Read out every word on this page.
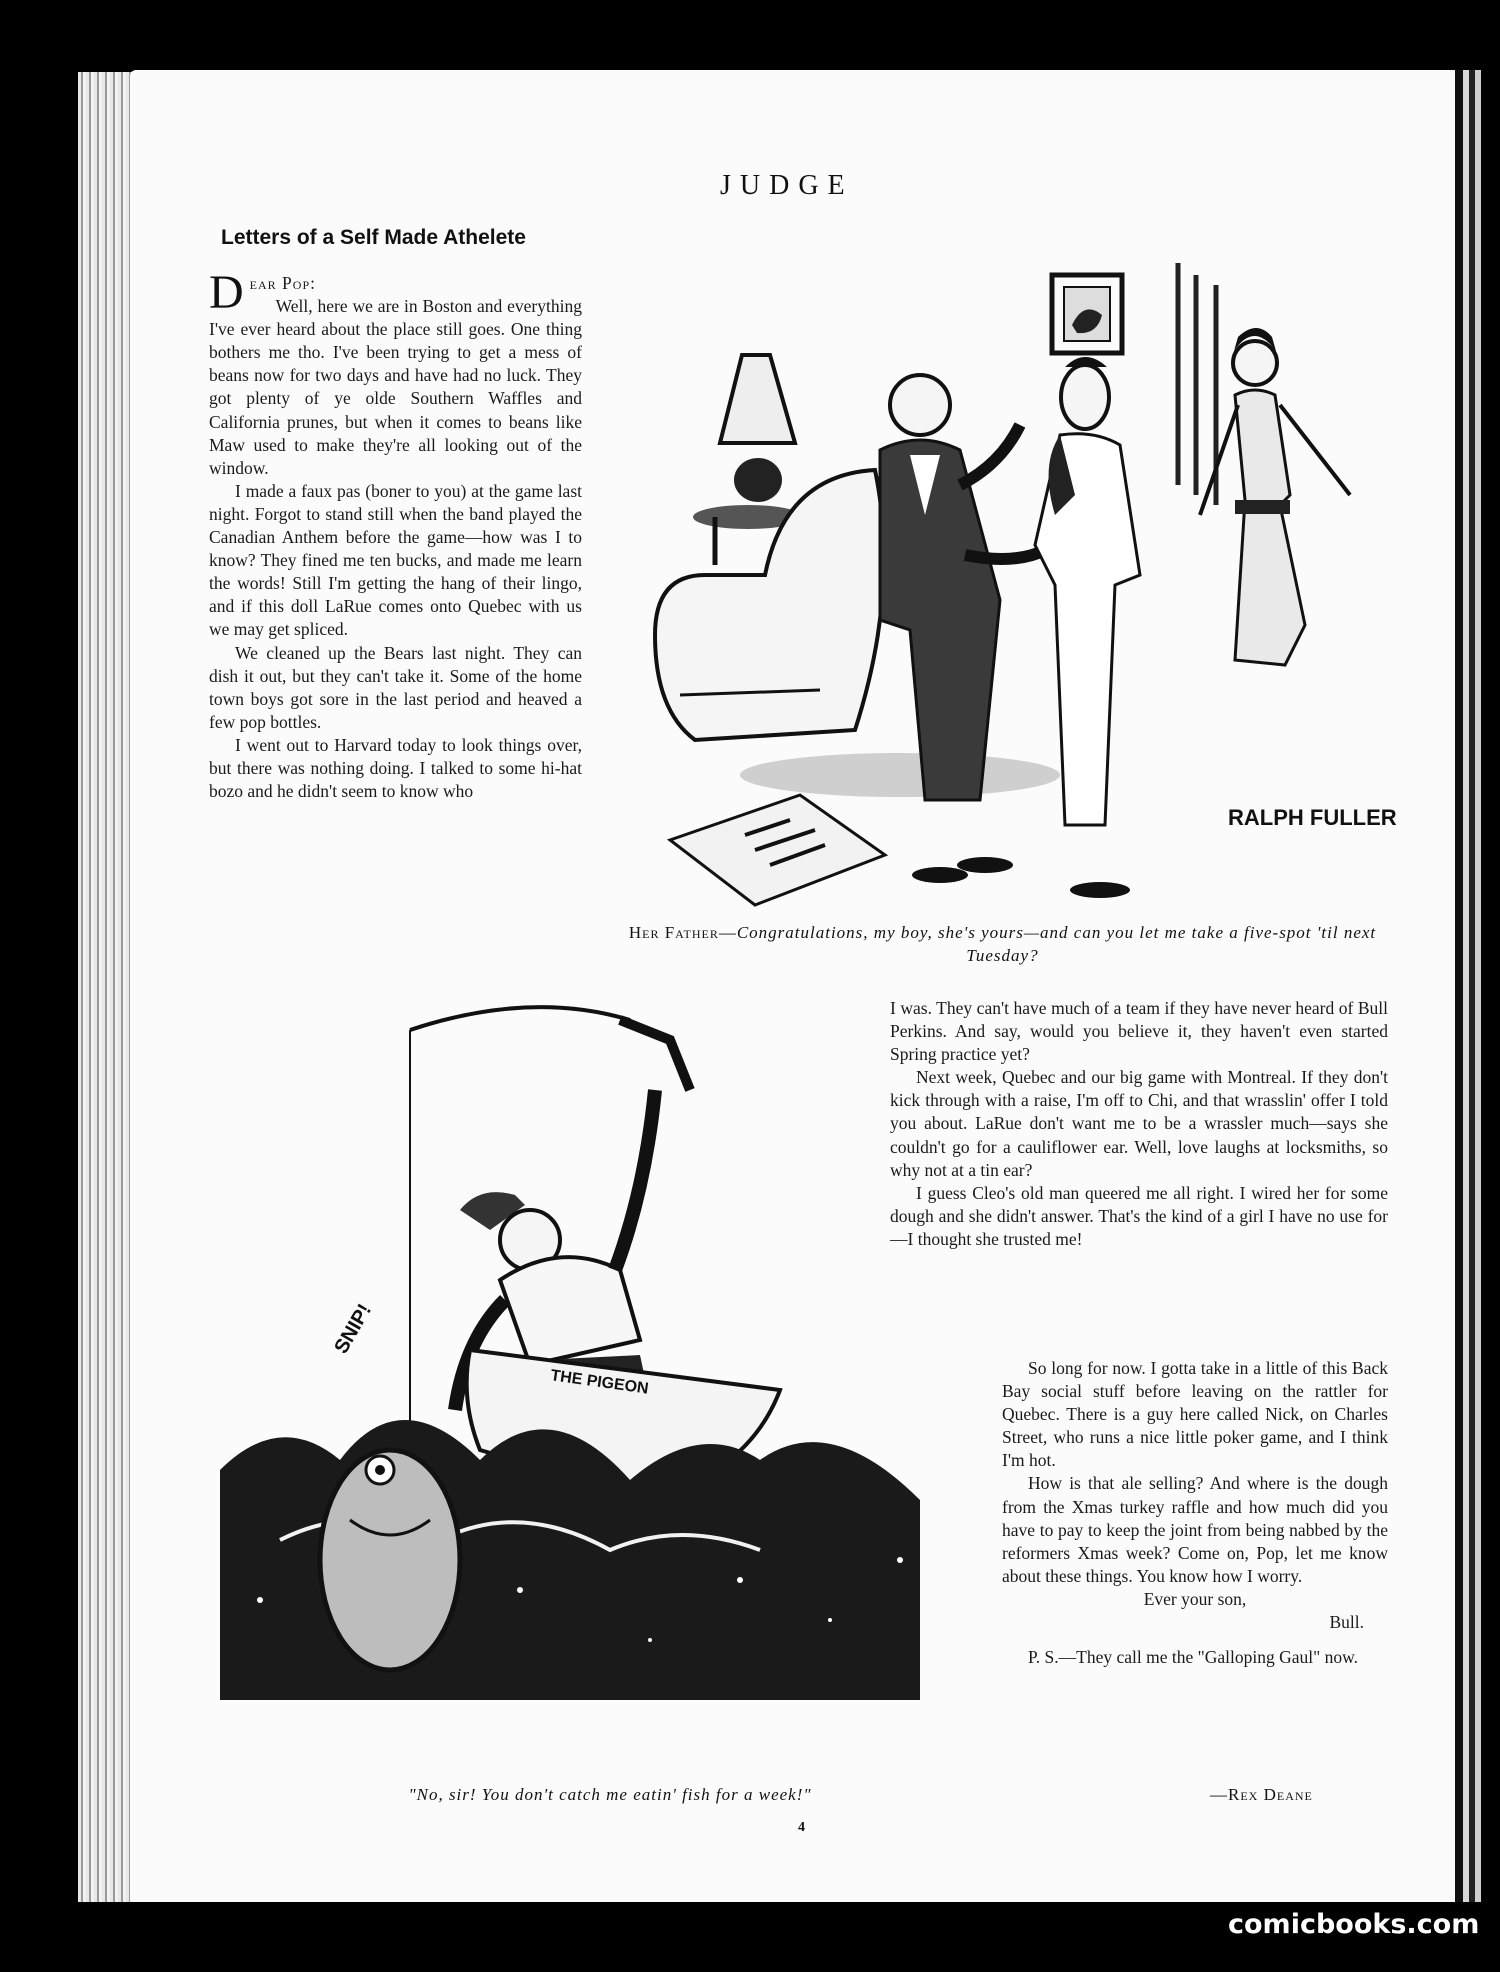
JUDGE
Letters of a Self Made Athelete

Dear Pop:

Well, here we are in Boston and everything I've ever heard about the place still goes. One thing bothers me tho. I've been trying to get a mess of beans now for two days and have had no luck. They got plenty of ye olde Southern Waffles and California prunes, but when it comes to beans like Maw used to make they're all looking out of the window.

I made a faux pas (boner to you) at the game last night. Forgot to stand still when the band played the Canadian Anthem before the game—how was I to know? They fined me ten bucks, and made me learn the words! Still I'm getting the hang of their lingo, and if this doll LaRue comes onto Quebec with us we may get spliced.

We cleaned up the Bears last night. They can dish it out, but they can't take it. Some of the home town boys got sore in the last period and heaved a few pop bottles.

I went out to Harvard today to look things over, but there was nothing doing. I talked to some hi-hat bozo and he didn't seem to know who

RALPH FULLER
Her Father—Congratulations, my boy, she's yours—and can you let me take a five-spot 'til next Tuesday?
SNIP!
THE PIGEON

I was. They can't have much of a team if they have never heard of Bull Perkins. And say, would you believe it, they haven't even started Spring practice yet?

Next week, Quebec and our big game with Montreal. If they don't kick through with a raise, I'm off to Chi, and that wrasslin' offer I told you about. LaRue don't want me to be a wrassler much—says she couldn't go for a cauliflower ear. Well, love laughs at locksmiths, so why not at a tin ear?

I guess Cleo's old man queered me all right. I wired her for some dough and she didn't answer. That's the kind of a girl I have no use for—I thought she trusted me!

So long for now. I gotta take in a little of this Back Bay social stuff before leaving on the rattler for Quebec. There is a guy here called Nick, on Charles Street, who runs a nice little poker game, and I think I'm hot.

How is that ale selling? And where is the dough from the Xmas turkey raffle and how much did you have to pay to keep the joint from being nabbed by the reformers Xmas week? Come on, Pop, let me know about these things. You know how I worry.

Ever your son,

Bull.

P. S.—They call me the "Galloping Gaul" now.

—Rex Deane
"No, sir! You don't catch me eatin' fish for a week!"
4
comicbooks.com
